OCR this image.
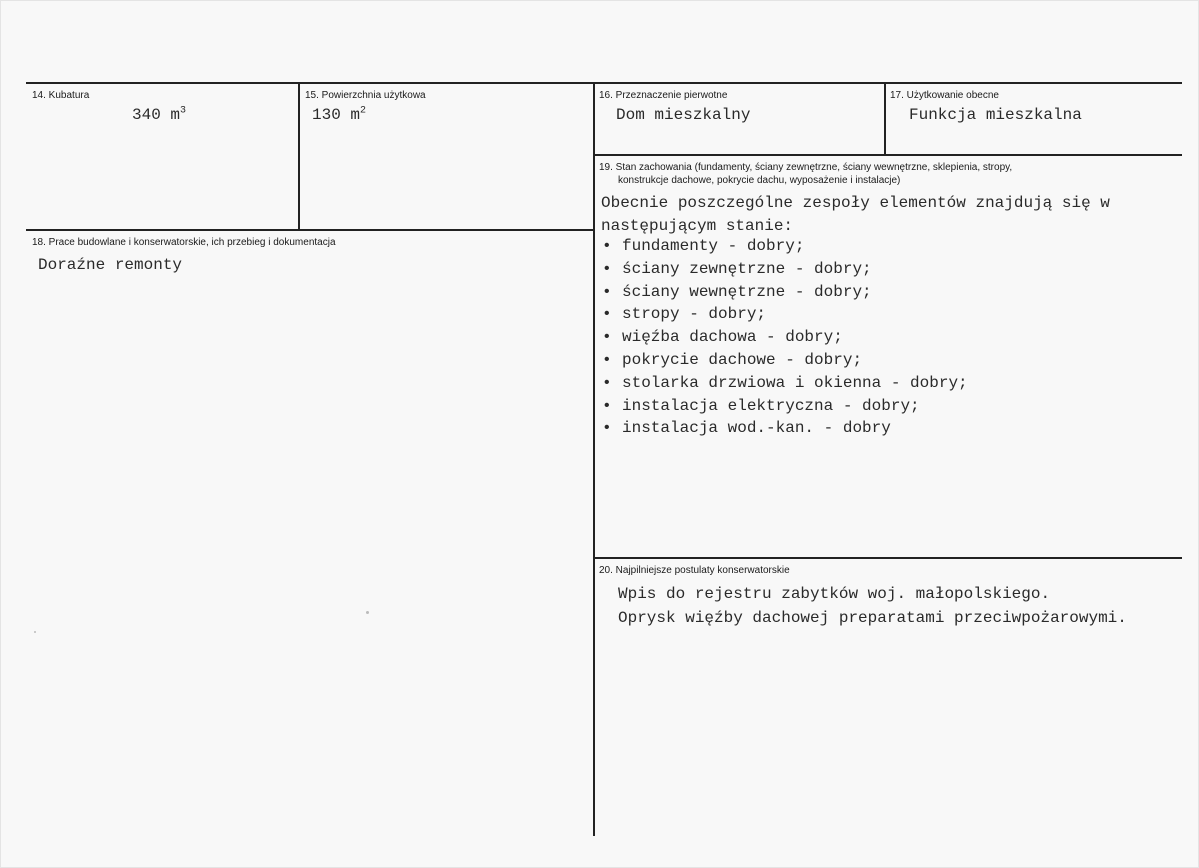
14. Kubatura
340 $m^3$
15. Powierzchnia użytkowa
130 $m^2$
16. Przeznaczenie pierwotne
Dom mieszkalny
17. Użytkowanie obecne
Funkcja mieszkalna
18. Prace budowlane i konserwatorskie, ich przebieg i dokumentacja
Doraźne remonty
19. Stan zachowania (fundamenty, ściany zewnętrzne, ściany wewnętrzne, sklepienia, stropy,
konstrukcje dachowe, pokrycie dachu, wyposażenie i instalacje)
Obecnie poszczególne zespoły elementów znajdują się w
następującym stanie:
• fundamenty - dobry;
• ściany zewnętrzne - dobry;
• ściany wewnętrzne - dobry;
• stropy - dobry;
• więźba dachowa - dobry;
• pokrycie dachowe - dobry;
• stolarka drzwiowa i okienna - dobry;
• instalacja elektryczna - dobry;
• instalacja wod.-kan. - dobry
20. Najpilniejsze postulaty konserwatorskie
Wpis do rejestru zabytków woj. małopolskiego.
Oprysk więźby dachowej preparatami przeciwpożarowymi.
